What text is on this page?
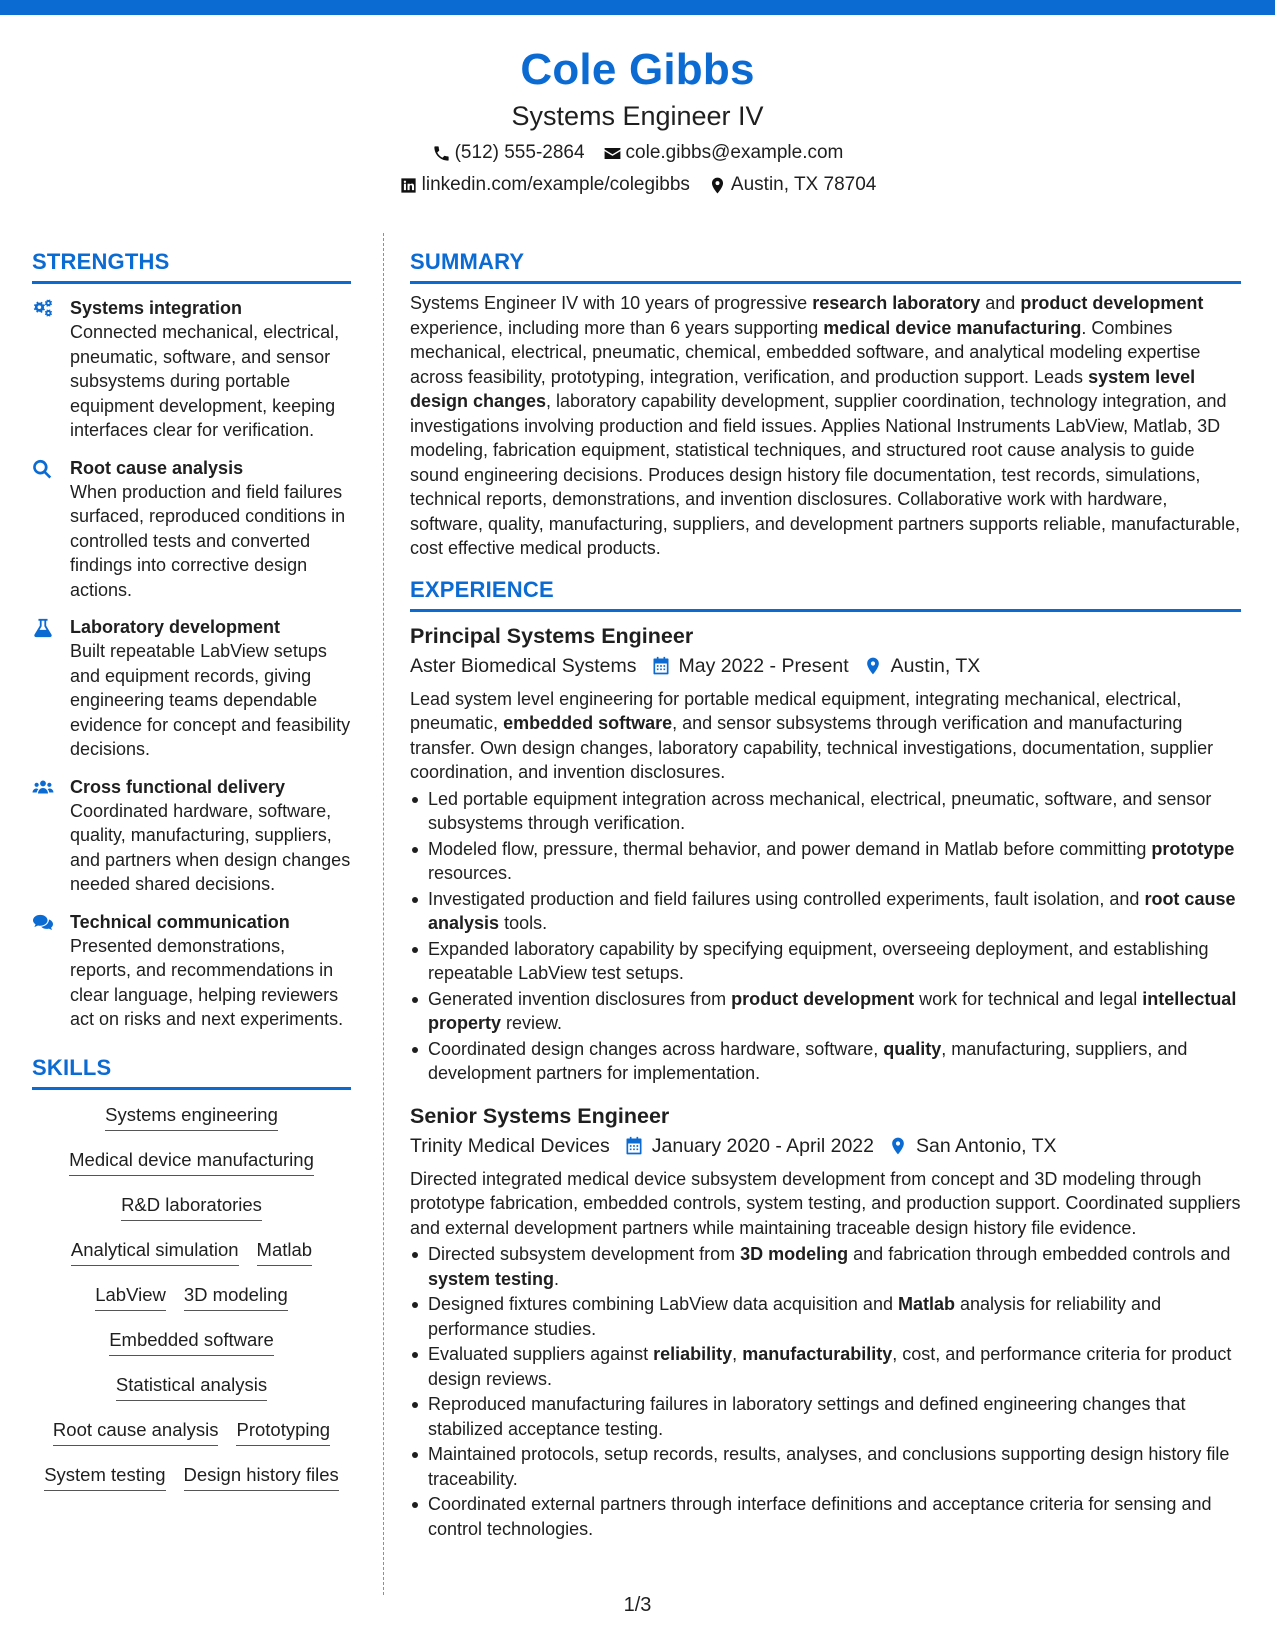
Cole Gibbs
Systems Engineer IV
(512) 555-2864 cole.gibbs@example.com
linkedin.com/example/colegibbs Austin, TX 78704
STRENGTHS
Systems integration
Connected mechanical, electrical, pneumatic, software, and sensor subsystems during portable equipment development, keeping interfaces clear for verification.
Root cause analysis
When production and field failures surfaced, reproduced conditions in controlled tests and converted findings into corrective design actions.
Laboratory development
Built repeatable LabView setups and equipment records, giving engineering teams dependable evidence for concept and feasibility decisions.
Cross functional delivery
Coordinated hardware, software, quality, manufacturing, suppliers, and partners when design changes needed shared decisions.
Technical communication
Presented demonstrations, reports, and recommendations in clear language, helping reviewers act on risks and next experiments.
SKILLS
Systems engineering
Medical device manufacturing
R&D laboratories
Analytical simulation Matlab
LabView 3D modeling
Embedded software
Statistical analysis
Root cause analysis Prototyping
System testing Design history files
SUMMARY
Systems Engineer IV with 10 years of progressive research laboratory and product development experience, including more than 6 years supporting medical device manufacturing. Combines mechanical, electrical, pneumatic, chemical, embedded software, and analytical modeling expertise across feasibility, prototyping, integration, verification, and production support. Leads system level design changes, laboratory capability development, supplier coordination, technology integration, and investigations involving production and field issues. Applies National Instruments LabView, Matlab, 3D modeling, fabrication equipment, statistical techniques, and structured root cause analysis to guide sound engineering decisions. Produces design history file documentation, test records, simulations, technical reports, demonstrations, and invention disclosures. Collaborative work with hardware, software, quality, manufacturing, suppliers, and development partners supports reliable, manufacturable, cost effective medical products.
EXPERIENCE
Principal Systems Engineer
Aster Biomedical Systems May 2022 - Present Austin, TX
Lead system level engineering for portable medical equipment, integrating mechanical, electrical, pneumatic, embedded software, and sensor subsystems through verification and manufacturing transfer. Own design changes, laboratory capability, technical investigations, documentation, supplier coordination, and invention disclosures.
Led portable equipment integration across mechanical, electrical, pneumatic, software, and sensor subsystems through verification.
Modeled flow, pressure, thermal behavior, and power demand in Matlab before committing prototype resources.
Investigated production and field failures using controlled experiments, fault isolation, and root cause analysis tools.
Expanded laboratory capability by specifying equipment, overseeing deployment, and establishing repeatable LabView test setups.
Generated invention disclosures from product development work for technical and legal intellectual property review.
Coordinated design changes across hardware, software, quality, manufacturing, suppliers, and development partners for implementation.
Senior Systems Engineer
Trinity Medical Devices January 2020 - April 2022 San Antonio, TX
Directed integrated medical device subsystem development from concept and 3D modeling through prototype fabrication, embedded controls, system testing, and production support. Coordinated suppliers and external development partners while maintaining traceable design history file evidence.
Directed subsystem development from 3D modeling and fabrication through embedded controls and system testing.
Designed fixtures combining LabView data acquisition and Matlab analysis for reliability and performance studies.
Evaluated suppliers against reliability, manufacturability, cost, and performance criteria for product design reviews.
Reproduced manufacturing failures in laboratory settings and defined engineering changes that stabilized acceptance testing.
Maintained protocols, setup records, results, analyses, and conclusions supporting design history file traceability.
Coordinated external partners through interface definitions and acceptance criteria for sensing and control technologies.
1/3
